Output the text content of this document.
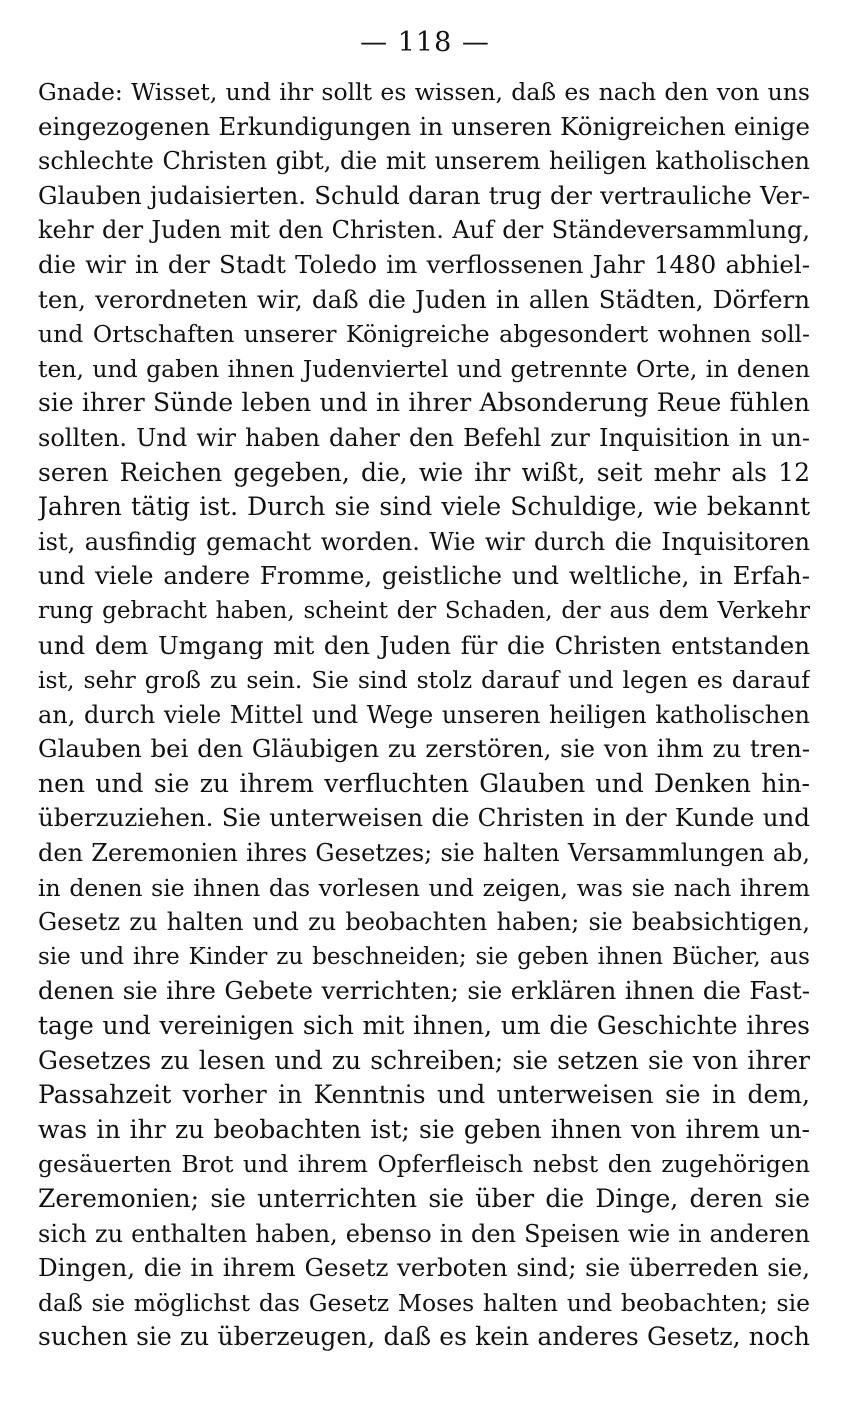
— 118 —
Gnade: Wisset, und ihr sollt es wissen, daß es nach den von uns
eingezogenen Erkundigungen in unseren Königreichen einige
schlechte Christen gibt, die mit unserem heiligen katholischen
Glauben judaisierten. Schuld daran trug der vertrauliche Ver-
kehr der Juden mit den Christen. Auf der Ständeversammlung,
die wir in der Stadt Toledo im verflossenen Jahr 1480 abhiel-
ten, verordneten wir, daß die Juden in allen Städten, Dörfern
und Ortschaften unserer Königreiche abgesondert wohnen soll-
ten, und gaben ihnen Judenviertel und getrennte Orte, in denen
sie ihrer Sünde leben und in ihrer Absonderung Reue fühlen
sollten. Und wir haben daher den Befehl zur Inquisition in un-
seren Reichen gegeben, die, wie ihr wißt, seit mehr als 12
Jahren tätig ist. Durch sie sind viele Schuldige, wie bekannt
ist, ausfindig gemacht worden. Wie wir durch die Inquisitoren
und viele andere Fromme, geistliche und weltliche, in Erfah-
rung gebracht haben, scheint der Schaden, der aus dem Verkehr
und dem Umgang mit den Juden für die Christen entstanden
ist, sehr groß zu sein. Sie sind stolz darauf und legen es darauf
an, durch viele Mittel und Wege unseren heiligen katholischen
Glauben bei den Gläubigen zu zerstören, sie von ihm zu tren-
nen und sie zu ihrem verfluchten Glauben und Denken hin-
überzuziehen. Sie unterweisen die Christen in der Kunde und
den Zeremonien ihres Gesetzes; sie halten Versammlungen ab,
in denen sie ihnen das vorlesen und zeigen, was sie nach ihrem
Gesetz zu halten und zu beobachten haben; sie beabsichtigen,
sie und ihre Kinder zu beschneiden; sie geben ihnen Bücher, aus
denen sie ihre Gebete verrichten; sie erklären ihnen die Fast-
tage und vereinigen sich mit ihnen, um die Geschichte ihres
Gesetzes zu lesen und zu schreiben; sie setzen sie von ihrer
Passahzeit vorher in Kenntnis und unterweisen sie in dem,
was in ihr zu beobachten ist; sie geben ihnen von ihrem un-
gesäuerten Brot und ihrem Opferfleisch nebst den zugehörigen
Zeremonien; sie unterrichten sie über die Dinge, deren sie
sich zu enthalten haben, ebenso in den Speisen wie in anderen
Dingen, die in ihrem Gesetz verboten sind; sie überreden sie,
daß sie möglichst das Gesetz Moses halten und beobachten; sie
suchen sie zu überzeugen, daß es kein anderes Gesetz, noch
